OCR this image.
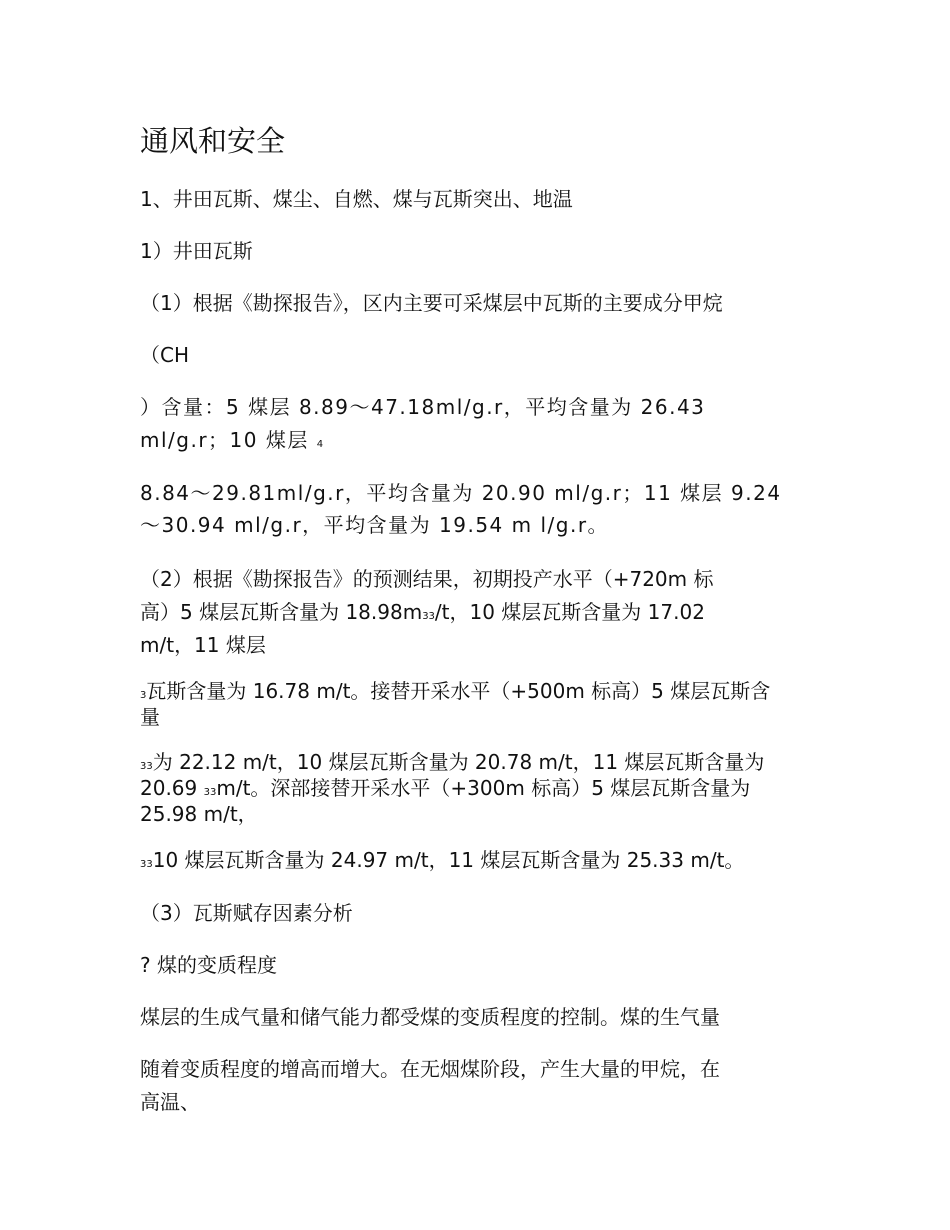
通风和安全
1、井田瓦斯、煤尘、自燃、煤与瓦斯突出、地温
1）井田瓦斯
（1）根据《勘探报告》，区内主要可采煤层中瓦斯的主要成分甲烷
（CH
）含量：5 煤层 8.89～47.18ml/g.r，平均含量为 26.43
ml/g.r；10 煤层 4
8.84～29.81ml/g.r，平均含量为 20.90 ml/g.r；11 煤层 9.24
～30.94 ml/g.r，平均含量为 19.54 m l/g.r。
（2）根据《勘探报告》的预测结果，初期投产水平（+720m 标
高）5 煤层瓦斯含量为 18.98m33/t，10 煤层瓦斯含量为 17.02
m/t，11 煤层
3瓦斯含量为 16.78 m/t。接替开采水平（+500m 标高）5 煤层瓦斯含
量
33为 22.12 m/t，10 煤层瓦斯含量为 20.78 m/t，11 煤层瓦斯含量为
20.69 33m/t。深部接替开采水平（+300m 标高）5 煤层瓦斯含量为
25.98 m/t，
3310 煤层瓦斯含量为 24.97 m/t，11 煤层瓦斯含量为 25.33 m/t。
（3）瓦斯赋存因素分析
? 煤的变质程度
煤层的生成气量和储气能力都受煤的变质程度的控制。煤的生气量
随着变质程度的增高而增大。在无烟煤阶段，产生大量的甲烷，在
高温、
